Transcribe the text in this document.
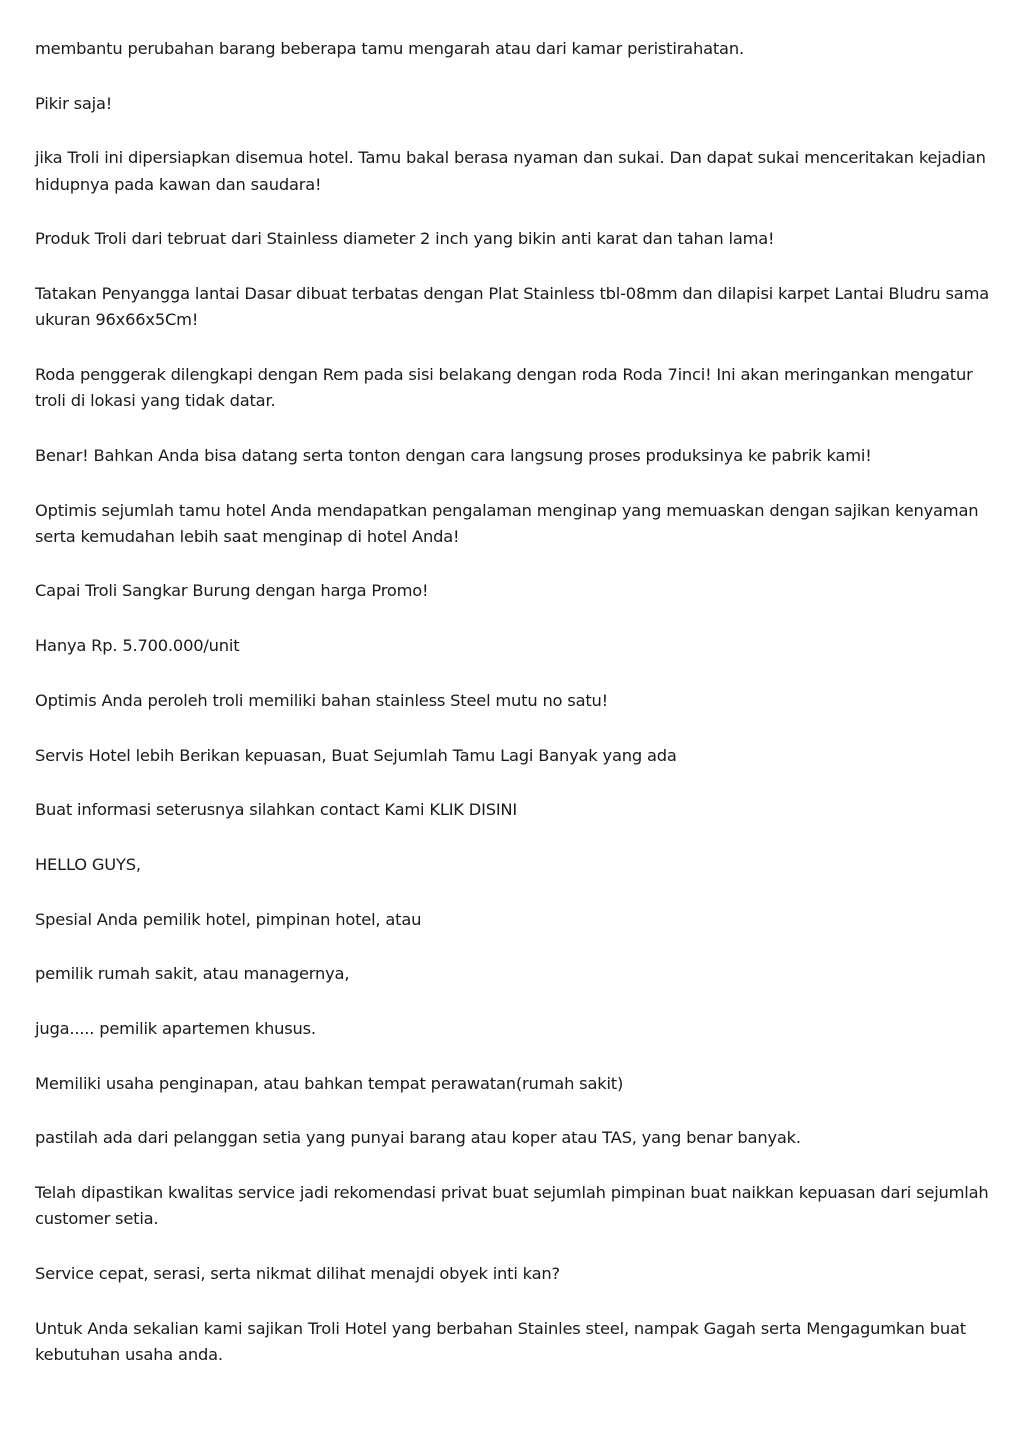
membantu perubahan barang beberapa tamu mengarah atau dari kamar peristirahatan.

Pikir saja!

jika Troli ini dipersiapkan disemua hotel. Tamu bakal berasa nyaman dan sukai. Dan dapat sukai menceritakan kejadian hidupnya pada kawan dan saudara!

Produk Troli dari tebruat dari Stainless diameter 2 inch yang bikin anti karat dan tahan lama!

Tatakan Penyangga lantai Dasar dibuat terbatas dengan Plat Stainless tbl-08mm dan dilapisi karpet Lantai Bludru sama ukuran 96x66x5Cm!

Roda penggerak dilengkapi dengan Rem pada sisi belakang dengan roda Roda 7inci! Ini akan meringankan mengatur troli di lokasi yang tidak datar.

Benar! Bahkan Anda bisa datang serta tonton dengan cara langsung proses produksinya ke pabrik kami!

Optimis sejumlah tamu hotel Anda mendapatkan pengalaman menginap yang memuaskan dengan sajikan kenyaman serta kemudahan lebih saat menginap di hotel Anda!

Capai Troli Sangkar Burung dengan harga Promo!

Hanya Rp. 5.700.000/unit

Optimis Anda peroleh troli memiliki bahan stainless Steel mutu no satu!

Servis Hotel lebih Berikan kepuasan, Buat Sejumlah Tamu Lagi Banyak yang ada

Buat informasi seterusnya silahkan contact Kami KLIK DISINI

HELLO GUYS,

Spesial Anda pemilik hotel, pimpinan hotel, atau

pemilik rumah sakit, atau managernya,

juga..... pemilik apartemen khusus.

Memiliki usaha penginapan, atau bahkan tempat perawatan(rumah sakit)

pastilah ada dari pelanggan setia yang punyai barang atau koper atau TAS, yang benar banyak.

Telah dipastikan kwalitas service jadi rekomendasi privat buat sejumlah pimpinan buat naikkan kepuasan dari sejumlah customer setia.

Service cepat, serasi, serta nikmat dilihat menajdi obyek inti kan?

Untuk Anda sekalian kami sajikan Troli Hotel yang berbahan Stainles steel, nampak Gagah serta Mengagumkan buat kebutuhan usaha anda.
